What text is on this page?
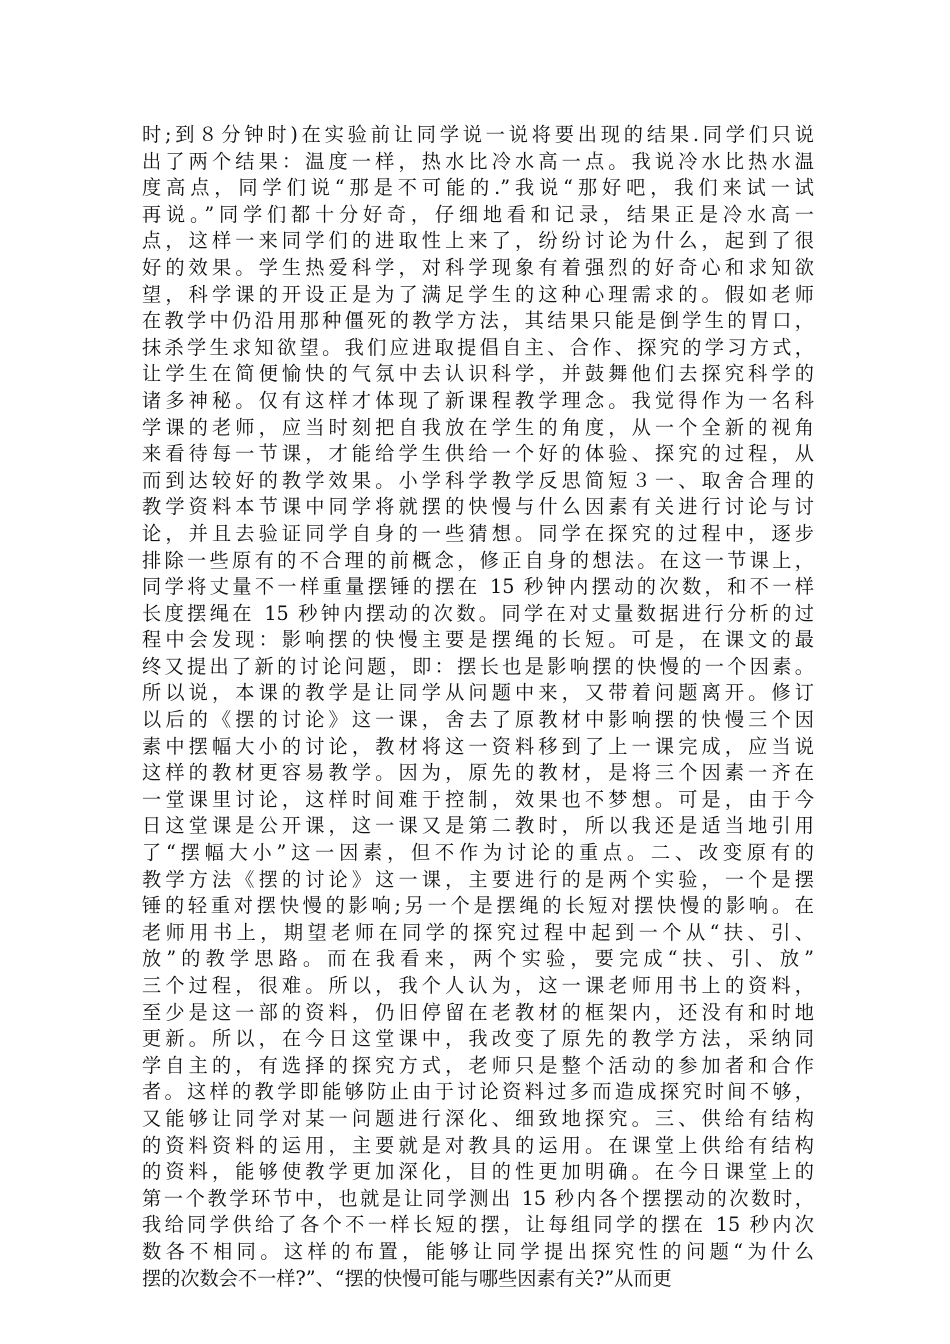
时;到８分钟时)在实验前让同学说一说将要出现的结果.同学们只说
出了两个结果：温度一样，热水比冷水高一点。我说冷水比热水温
度高点，同学们说“那是不可能的.”我说“那好吧，我们来试一试
再说。”同学们都十分好奇，仔细地看和记录，结果正是冷水高一
点，这样一来同学们的进取性上来了，纷纷讨论为什么，起到了很
好的效果。学生热爱科学，对科学现象有着强烈的好奇心和求知欲
望，科学课的开设正是为了满足学生的这种心理需求的。假如老师
在教学中仍沿用那种僵死的教学方法，其结果只能是倒学生的胃口，
抹杀学生求知欲望。我们应进取提倡自主、合作、探究的学习方式，
让学生在简便愉快的气氛中去认识科学，并鼓舞他们去探究科学的
诸多神秘。仅有这样才体现了新课程教学理念。我觉得作为一名科
学课的老师，应当时刻把自我放在学生的角度，从一个全新的视角
来看待每一节课，才能给学生供给一个好的体验、探究的过程，从
而到达较好的教学效果。小学科学教学反思简短３一、取舍合理的
教学资料本节课中同学将就摆的快慢与什么因素有关进行讨论与讨
论，并且去验证同学自身的一些猜想。同学在探究的过程中，逐步
排除一些原有的不合理的前概念，修正自身的想法。在这一节课上，
同学将丈量不一样重量摆锤的摆在 15 秒钟内摆动的次数，和不一样
长度摆绳在 15 秒钟内摆动的次数。同学在对丈量数据进行分析的过
程中会发现：影响摆的快慢主要是摆绳的长短。可是，在课文的最
终又提出了新的讨论问题，即：摆长也是影响摆的快慢的一个因素。
所以说，本课的教学是让同学从问题中来，又带着问题离开。修订
以后的《摆的讨论》这一课，舍去了原教材中影响摆的快慢三个因
素中摆幅大小的讨论，教材将这一资料移到了上一课完成，应当说
这样的教材更容易教学。因为，原先的教材，是将三个因素一齐在
一堂课里讨论，这样时间难于控制，效果也不梦想。可是，由于今
日这堂课是公开课，这一课又是第二教时，所以我还是适当地引用
了“摆幅大小”这一因素，但不作为讨论的重点。二、改变原有的
教学方法《摆的讨论》这一课，主要进行的是两个实验，一个是摆
锤的轻重对摆快慢的影响;另一个是摆绳的长短对摆快慢的影响。在
老师用书上，期望老师在同学的探究过程中起到一个从“扶、引、
放”的教学思路。而在我看来，两个实验，要完成“扶、引、放”
三个过程，很难。所以，我个人认为，这一课老师用书上的资料，
至少是这一部的资料，仍旧停留在老教材的框架内，还没有和时地
更新。所以，在今日这堂课中，我改变了原先的教学方法，采纳同
学自主的，有选择的探究方式，老师只是整个活动的参加者和合作
者。这样的教学即能够防止由于讨论资料过多而造成探究时间不够，
又能够让同学对某一问题进行深化、细致地探究。三、供给有结构
的资料资料的运用，主要就是对教具的运用。在课堂上供给有结构
的资料，能够使教学更加深化，目的性更加明确。在今日课堂上的
第一个教学环节中，也就是让同学测出 15 秒内各个摆摆动的次数时，
我给同学供给了各个不一样长短的摆，让每组同学的摆在 15 秒内次
数各不相同。这样的布置，能够让同学提出探究性的问题“为什么
摆的次数会不一样?”、“摆的快慢可能与哪些因素有关?”从而更
